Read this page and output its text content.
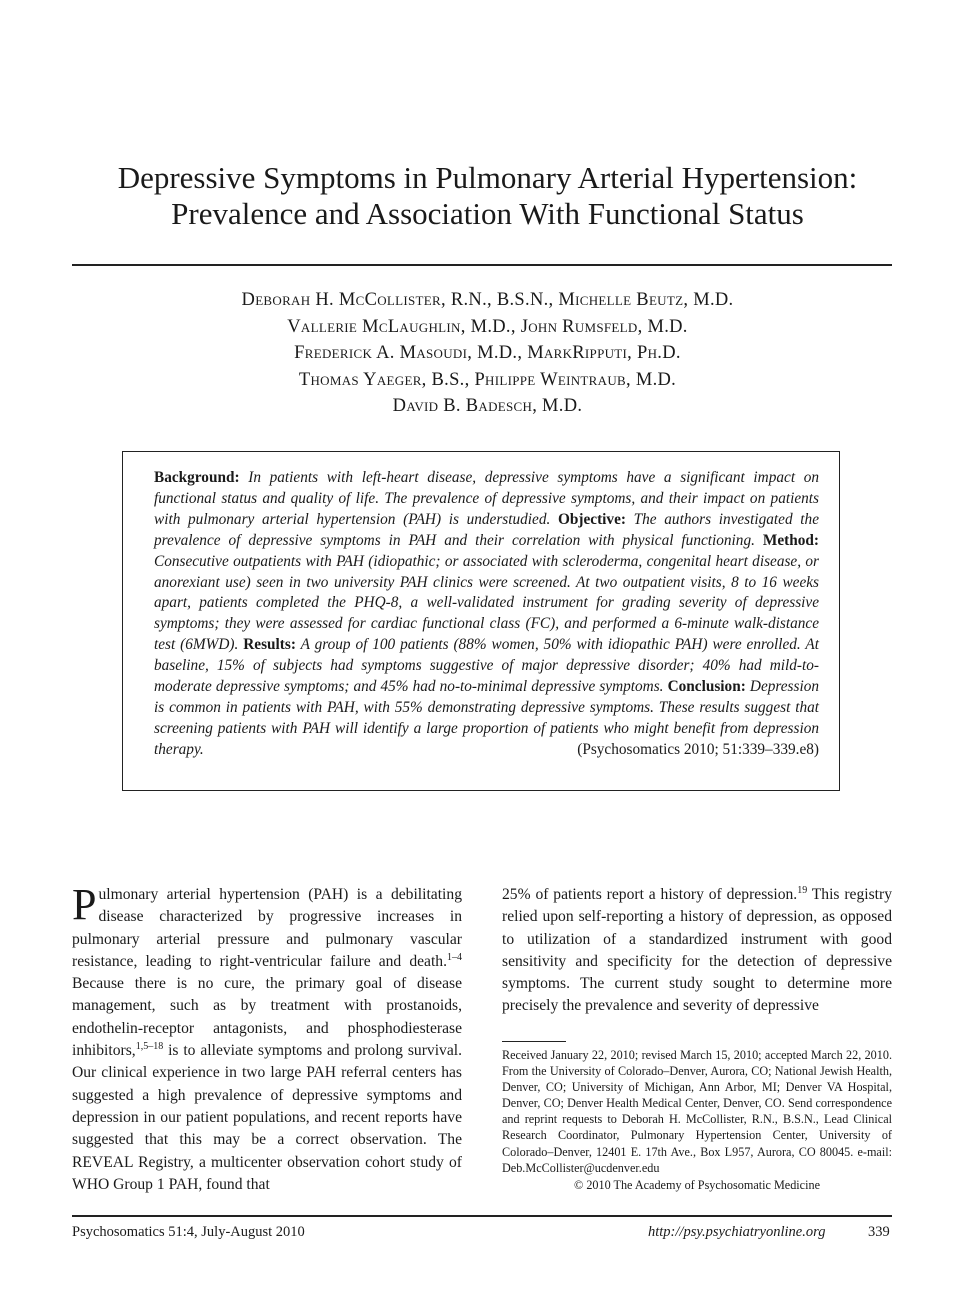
Depressive Symptoms in Pulmonary Arterial Hypertension:
Prevalence and Association With Functional Status
Deborah H. McCollister, R.N., B.S.N., Michelle Beutz, M.D.
Vallerie McLaughlin, M.D., John Rumsfeld, M.D.
Frederick A. Masoudi, M.D., MarkRipputi, Ph.D.
Thomas Yaeger, B.S., Philippe Weintraub, M.D.
David B. Badesch, M.D.
Background: In patients with left-heart disease, depressive symptoms have a significant impact on functional status and quality of life. The prevalence of depressive symptoms, and their impact on patients with pulmonary arterial hypertension (PAH) is understudied. Objective: The authors investigated the prevalence of depressive symptoms in PAH and their correlation with physical functioning. Method: Consecutive outpatients with PAH (idiopathic; or associated with scleroderma, congenital heart disease, or anorexiant use) seen in two university PAH clinics were screened. At two outpatient visits, 8 to 16 weeks apart, patients completed the PHQ-8, a well-validated instrument for grading severity of depressive symptoms; they were assessed for cardiac functional class (FC), and performed a 6-minute walk-distance test (6MWD). Results: A group of 100 patients (88% women, 50% with idiopathic PAH) were enrolled. At baseline, 15% of subjects had symptoms suggestive of major depressive disorder; 40% had mild-to-moderate depressive symptoms; and 45% had no-to-minimal depressive symptoms. Conclusion: Depression is common in patients with PAH, with 55% demonstrating depressive symptoms. These results suggest that screening patients with PAH will identify a large proportion of patients who might benefit from depression therapy.	(Psychosomatics 2010; 51:339–339.e8)
Pulmonary arterial hypertension (PAH) is a debilitating disease characterized by progressive increases in pulmonary arterial pressure and pulmonary vascular resistance, leading to right-ventricular failure and death.$^{1-4}$ Because there is no cure, the primary goal of disease management, such as by treatment with prostanoids, endothelin-receptor antagonists, and phosphodiesterase inhibitors,$^{1,5-18}$ is to alleviate symptoms and prolong survival. Our clinical experience in two large PAH referral centers has suggested a high prevalence of depressive symptoms and depression in our patient populations, and recent reports have suggested that this may be a correct observation. The REVEAL Registry, a multicenter observation cohort study of WHO Group 1 PAH, found that
25% of patients report a history of depression.$^{19}$ This registry relied upon self-reporting a history of depression, as opposed to utilization of a standardized instrument with good sensitivity and specificity for the detection of depressive symptoms. The current study sought to determine more precisely the prevalence and severity of depressive
Received January 22, 2010; revised March 15, 2010; accepted March 22, 2010. From the University of Colorado–Denver, Aurora, CO; National Jewish Health, Denver, CO; University of Michigan, Ann Arbor, MI; Denver VA Hospital, Denver, CO; Denver Health Medical Center, Denver, CO. Send correspondence and reprint requests to Deborah H. McCollister, R.N., B.S.N., Lead Clinical Research Coordinator, Pulmonary Hypertension Center, University of Colorado–Denver, 12401 E. 17th Ave., Box L957, Aurora, CO 80045. e-mail: Deb.McCollister@ucdenver.edu
© 2010 The Academy of Psychosomatic Medicine
Psychosomatics 51:4, July-August 2010	http://psy.psychiatryonline.org	339
